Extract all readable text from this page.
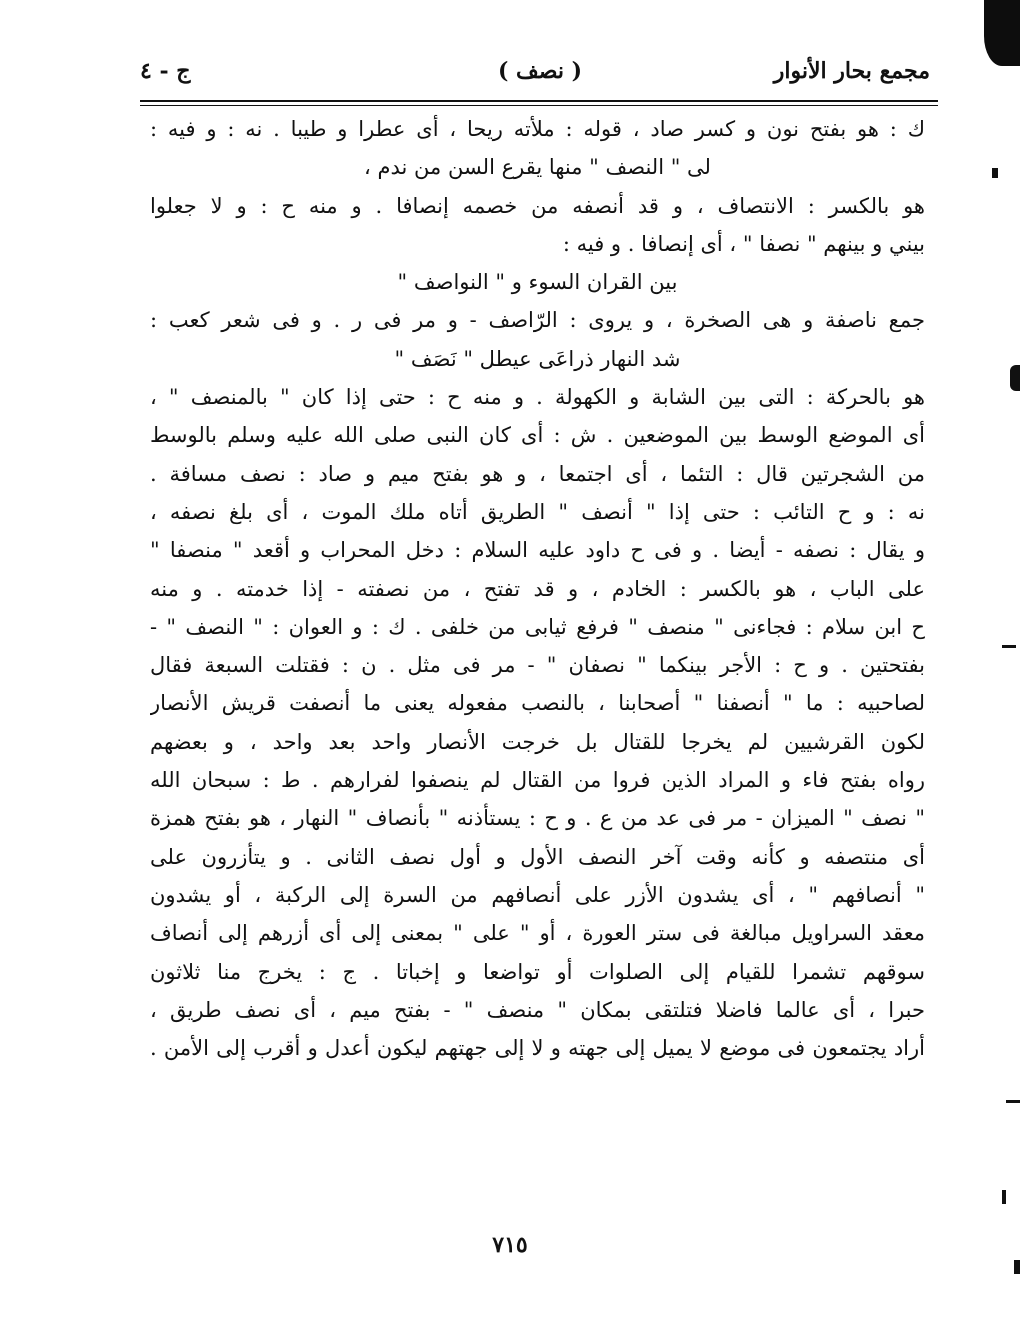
مجمع بحار الأنوار
( نصف )
ج - ٤
ك : هو بفتح نون و كسر صاد ، قوله : ملأته ريحا ، أى عطرا و طيبا . نه : و فيه :
لى " النصف " منها يقرع السن من ندم ،
هو بالكسر : الانتصاف ، و قد أنصفه من خصمه إنصافا . و منه ح : و لا جعلوا
بيني و بينهم " نصفا " ، أى إنصافا . و فيه :
بين القران السوء و " النواصف "
جمع ناصفة و هى الصخرة ، و يروى : الرّاصف - و مر فى ر . و فى شعر كعب :
شد النهار ذراعَى عيطل " نَصَف "
هو بالحركة : التى بين الشابة و الكهولة . و منه ح : حتى إذا كان " بالمنصف " ،
أى الموضع الوسط بين الموضعين . ش : أى كان النبى صلى الله عليه وسلم بالوسط
من الشجرتين قال : التئما ، أى اجتمعا ، و هو بفتح ميم و صاد : نصف مسافة .
نه : و ح التائب : حتى إذا " أنصف " الطريق أتاه ملك الموت ، أى بلغ نصفه ،
و يقال : نصفه - أيضا . و فى ح داود عليه السلام : دخل المحراب و أقعد " منصفا "
على الباب ، هو بالكسر : الخادم ، و قد تفتح ، من نصفته - إذا خدمته . و منه
ح ابن سلام : فجاءنى " منصف " فرفع ثيابى من خلفى . ك : و العوان : " النصف " -
بفتحتين . و ح : الأجر بينكما " نصفان " - مر فى مثل . ن : فقتلت السبعة فقال
لصاحبيه : ما " أنصفنا " أصحابنا ، بالنصب مفعوله يعنى ما أنصفت قريش الأنصار
لكون القرشيين لم يخرجا للقتال بل خرجت الأنصار واحد بعد واحد ، و بعضهم
رواه بفتح فاء و المراد الذين فروا من القتال لم ينصفوا لفرارهم . ط : سبحان الله
" نصف " الميزان - مر فى عد من ع . و ح : يستأذنه " بأنصاف " النهار ، هو بفتح همزة
أى منتصفه و كأنه وقت آخر النصف الأول و أول نصف الثانى . و يتأزرون على
" أنصافهم " ، أى يشدون الأزر على أنصافهم من السرة إلى الركبة ، أو يشدون
معقد السراويل مبالغة فى ستر العورة ، أو " على " بمعنى إلى أى أزرهم إلى أنصاف
سوقهم تشمرا للقيام إلى الصلوات أو تواضعا و إخباتا . ج : يخرج منا ثلاثون
حبرا ، أى عالما فاضلا فتلتقى بمكان " منصف " - بفتح ميم ، أى نصف طريق ،
أراد يجتمعون فى موضع لا يميل إلى جهته و لا إلى جهتهم ليكون أعدل و أقرب إلى الأمن .
٧١٥
